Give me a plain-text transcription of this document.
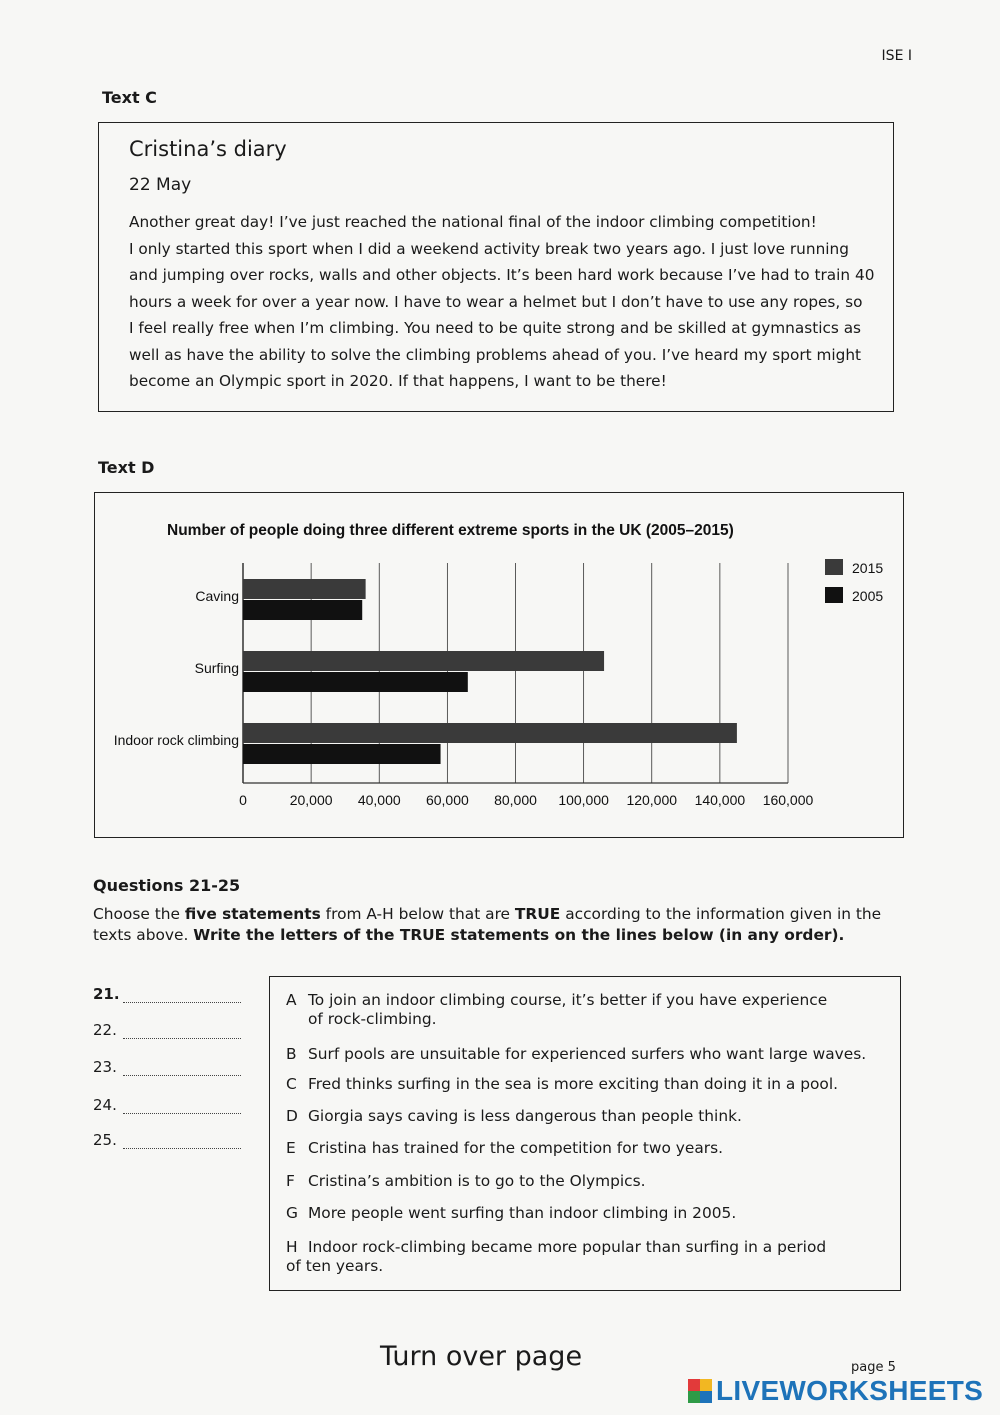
ISE I
Text C
Cristina’s diary
22 May
Another great day! I’ve just reached the national final of the indoor climbing competition!
I only started this sport when I did a weekend activity break two years ago. I just love running
and jumping over rocks, walls and other objects. It’s been hard work because I’ve had to train 40
hours a week for over a year now. I have to wear a helmet but I don’t have to use any ropes, so
I feel really free when I’m climbing. You need to be quite strong and be skilled at gymnastics as
well as have the ability to solve the climbing problems ahead of you. I’ve heard my sport might
become an Olympic sport in 2020. If that happens, I want to be there!
Text D
Number of people doing three different extreme sports in the UK (2005–2015)
0	20,000 40,000 60,000 80,000 100,000 120,000 140,000 160,000
Caving
Surfing
Indoor rock climbing
2015
2005
Questions 21-25
Choose the five statements from A-H below that are TRUE according to the information given in the texts above. Write the letters of the TRUE statements on the lines below (in any order).
21.
22.
23.
24.
25.
A To join an indoor climbing course, it’s better if you have experience
of rock-climbing.
B Surf pools are unsuitable for experienced surfers who want large waves.
C Fred thinks surfing in the sea is more exciting than doing it in a pool.
D Giorgia says caving is less dangerous than people think.
E Cristina has trained for the competition for two years.
F Cristina’s ambition is to go to the Olympics.
G More people went surfing than indoor climbing in 2005.
H Indoor rock-climbing became more popular than surfing in a period
of ten years.
Turn over page	page 5
LIVEWORKSHEETS
